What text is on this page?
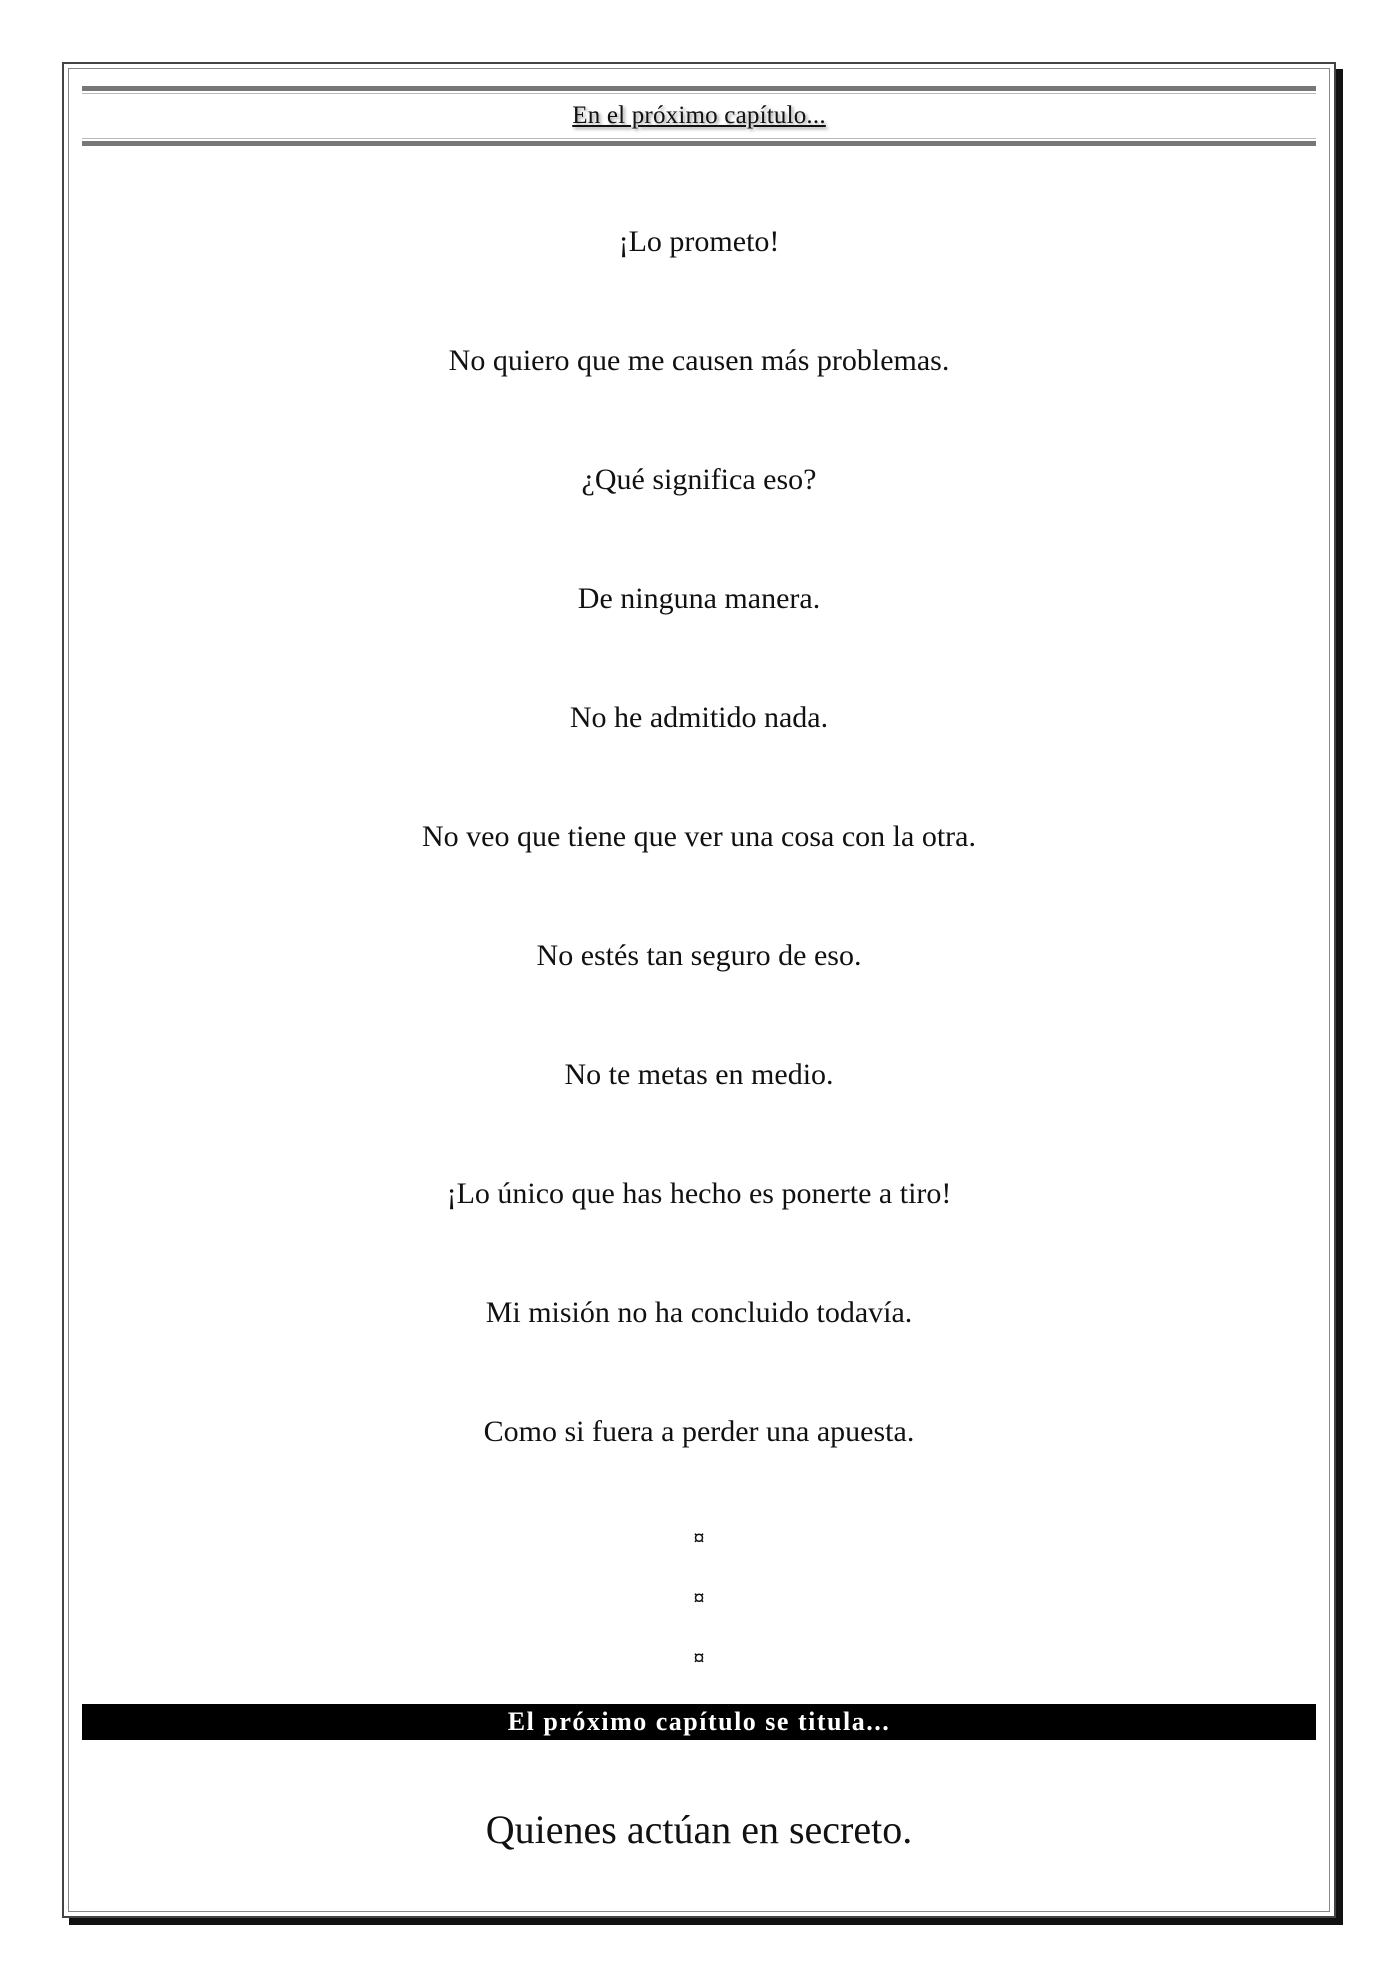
En el próximo capítulo...
¡Lo prometo!
No quiero que me causen más problemas.
¿Qué significa eso?
De ninguna manera.
No he admitido nada.
No veo que tiene que ver una cosa con la otra.
No estés tan seguro de eso.
No te metas en medio.
¡Lo único que has hecho es ponerte a tiro!
Mi misión no ha concluido todavía.
Como si fuera a perder una apuesta.
¤
¤
¤
El próximo capítulo se titula...
Quienes actúan en secreto.
